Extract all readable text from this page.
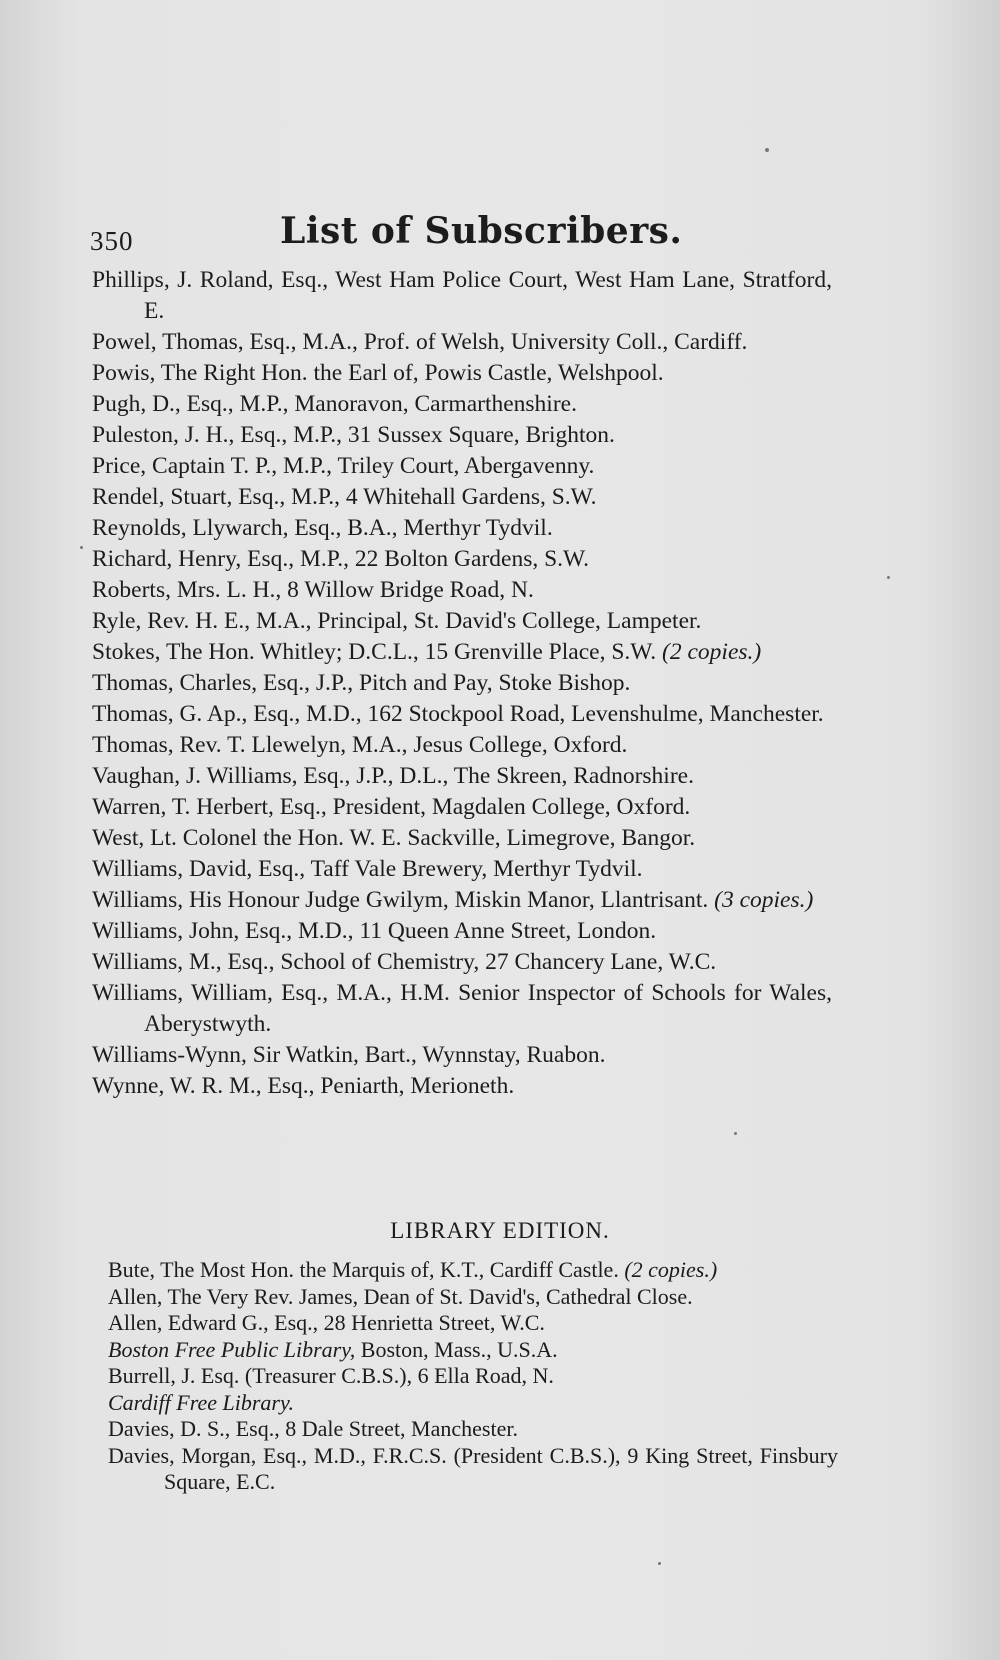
350	List of Subscribers.

Phillips, J. Roland, Esq., West Ham Police Court, West Ham Lane, Stratford, E.

Powel, Thomas, Esq., M.A., Prof. of Welsh, University Coll., Cardiff.

Powis, The Right Hon. the Earl of, Powis Castle, Welshpool.

Pugh, D., Esq., M.P., Manoravon, Carmarthenshire.

Puleston, J. H., Esq., M.P., 31 Sussex Square, Brighton.

Price, Captain T. P., M.P., Triley Court, Abergavenny.

Rendel, Stuart, Esq., M.P., 4 Whitehall Gardens, S.W.

Reynolds, Llywarch, Esq., B.A., Merthyr Tydvil.

Richard, Henry, Esq., M.P., 22 Bolton Gardens, S.W.

Roberts, Mrs. L. H., 8 Willow Bridge Road, N.

Ryle, Rev. H. E., M.A., Principal, St. David's College, Lampeter.

Stokes, The Hon. Whitley; D.C.L., 15 Grenville Place, S.W. (2 copies.)

Thomas, Charles, Esq., J.P., Pitch and Pay, Stoke Bishop.

Thomas, G. Ap., Esq., M.D., 162 Stockpool Road, Levenshulme, Manchester.

Thomas, Rev. T. Llewelyn, M.A., Jesus College, Oxford.

Vaughan, J. Williams, Esq., J.P., D.L., The Skreen, Radnorshire.

Warren, T. Herbert, Esq., President, Magdalen College, Oxford.

West, Lt. Colonel the Hon. W. E. Sackville, Limegrove, Bangor.

Williams, David, Esq., Taff Vale Brewery, Merthyr Tydvil.

Williams, His Honour Judge Gwilym, Miskin Manor, Llantrisant. (3 copies.)

Williams, John, Esq., M.D., 11 Queen Anne Street, London.

Williams, M., Esq., School of Chemistry, 27 Chancery Lane, W.C.

Williams, William, Esq., M.A., H.M. Senior Inspector of Schools for Wales, Aberystwyth.

Williams-Wynn, Sir Watkin, Bart., Wynnstay, Ruabon.

Wynne, W. R. M., Esq., Peniarth, Merioneth.

LIBRARY EDITION.

Bute, The Most Hon. the Marquis of, K.T., Cardiff Castle. (2 copies.)

Allen, The Very Rev. James, Dean of St. David's, Cathedral Close.

Allen, Edward G., Esq., 28 Henrietta Street, W.C.

Boston Free Public Library, Boston, Mass., U.S.A.

Burrell, J. Esq. (Treasurer C.B.S.), 6 Ella Road, N.

Cardiff Free Library.

Davies, D. S., Esq., 8 Dale Street, Manchester.

Davies, Morgan, Esq., M.D., F.R.C.S. (President C.B.S.), 9 King Street, Finsbury Square, E.C.
